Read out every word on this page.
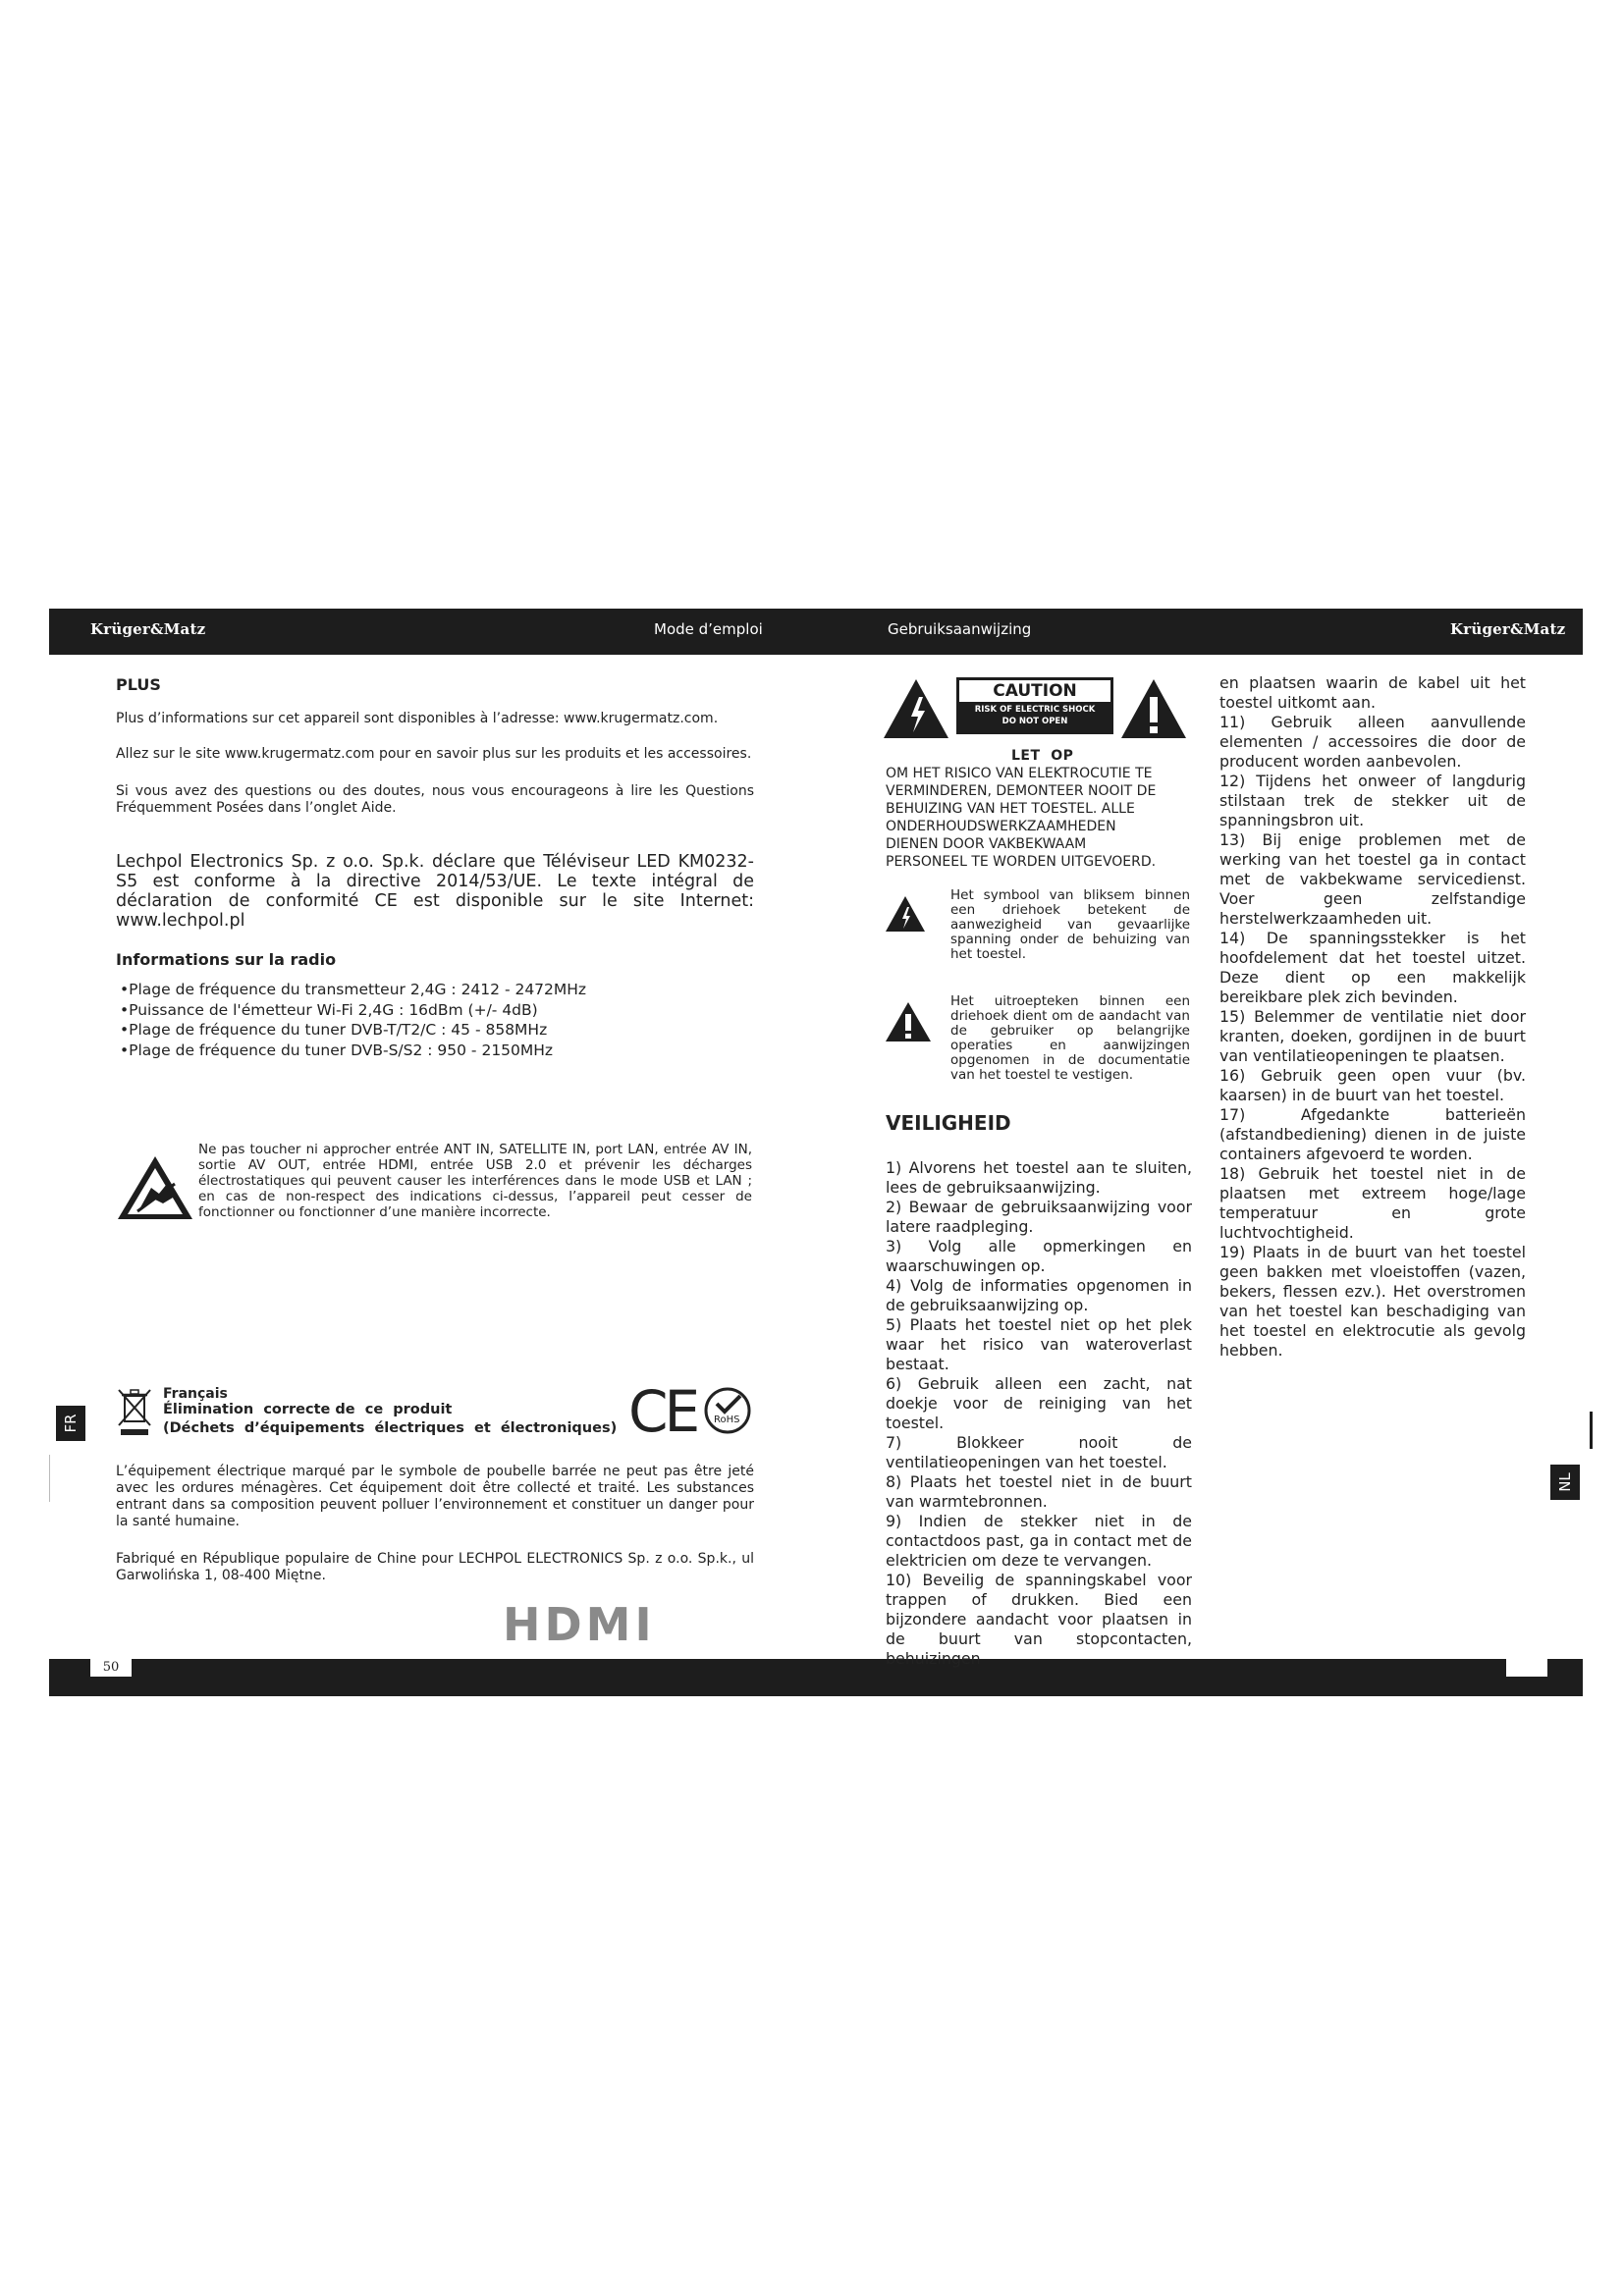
Krüger&Matz	Mode d’emploi	Gebruiksaanwijzing	Krüger&Matz
50
FR
NL
PLUS
Plus d’informations sur cet appareil sont disponibles à l’adresse: www.krugermatz.com.
Allez sur le site www.krugermatz.com pour en savoir plus sur les produits et les accessoires.
Si vous avez des questions ou des doutes, nous vous encourageons à lire les Questions Fréquemment Posées dans l’onglet Aide.
Lechpol Electronics Sp. z o.o. Sp.k. déclare que Téléviseur LED KM0232-S5 est conforme à la directive 2014/53/UE. Le texte intégral de déclaration de conformité CE est disponible sur le site Internet: www.lechpol.pl
Informations sur la radio
• Plage de fréquence du transmetteur 2,4G : 2412 - 2472MHz
• Puissance de l'émetteur Wi-Fi 2,4G : 16dBm (+/- 4dB)
• Plage de fréquence du tuner DVB-T/T2/C : 45 - 858MHz
• Plage de fréquence du tuner DVB-S/S2 : 950 - 2150MHz
Ne pas toucher ni approcher entrée ANT IN, SATELLITE IN, port LAN, entrée AV IN, sortie AV OUT, entrée HDMI, entrée USB 2.0 et prévenir les décharges électrostatiques qui peuvent causer les interférences dans le mode USB et LAN ; en cas de non-respect des indications ci-dessus, l’appareil peut cesser de fonctionner ou fonctionner d’une manière incorrecte.
Français
Élimination  correcte de  ce  produit
(Déchets  d’équipements  électriques  et  électroniques) CE RoHS
L’équipement électrique marqué par le symbole de poubelle barrée ne peut pas être jeté avec les ordures ménagères. Cet équipement doit être collecté et traité. Les substances entrant dans sa composition peuvent polluer l’environnement et constituer un danger pour la santé humaine.
Fabriqué en République populaire de Chine pour LECHPOL ELECTRONICS Sp. z o.o. Sp.k., ul Garwolińska 1, 08-400 Miętne.
HDMI
CAUTION
RISK OF ELECTRIC SHOCK
DO NOT OPEN
LET  OP
OM HET RISICO VAN ELEKTROCUTIE TE VERMINDEREN, DEMONTEER NOOIT DE BEHUIZING VAN HET TOESTEL. ALLE ONDERHOUDSWERKZAAMHEDEN DIENEN DOOR VAKBEKWAAM PERSONEEL TE WORDEN UITGEVOERD.
Het symbool van bliksem binnen een driehoek betekent de aanwezigheid van gevaarlijke spanning onder de behuizing van het toestel.
Het uitroepteken binnen een driehoek dient om de aandacht van de gebruiker op belangrijke operaties en aanwijzingen opgenomen in de documentatie van het toestel te vestigen.
VEILIGHEID
1) Alvorens het toestel aan te sluiten, lees de gebruiksaanwijzing.
2) Bewaar de gebruiksaanwijzing voor latere raadpleging.
3) Volg alle opmerkingen en waarschuwingen op.
4) Volg de informaties opgenomen in de gebruiksaanwijzing op.
5) Plaats het toestel niet op het plek waar het risico van wateroverlast bestaat.
6) Gebruik alleen een zacht, nat doekje voor de reiniging van het toestel.
7) Blokkeer nooit de ventilatieopeningen van het toestel.
8) Plaats het toestel niet in de buurt van warmtebronnen.
9) Indien de stekker niet in de contactdoos past, ga in contact met de elektricien om deze te vervangen.
10) Beveilig de spanningskabel voor trappen of drukken. Bied een bijzondere aandacht voor plaatsen in de buurt van stopcontacten, behuizingen
en plaatsen waarin de kabel uit het toestel uitkomt aan.
11) Gebruik alleen aanvullende elementen / accessoires die door de producent worden aanbevolen.
12) Tijdens het onweer of langdurig stilstaan trek de stekker uit de spanningsbron uit.
13) Bij enige problemen met de werking van het toestel ga in contact met de vakbekwame servicedienst. Voer geen zelfstandige herstelwerkzaamheden uit.
14) De spanningsstekker is het hoofdelement dat het toestel uitzet. Deze dient op een makkelijk bereikbare plek zich bevinden.
15) Belemmer de ventilatie niet door kranten, doeken, gordijnen in de buurt van ventilatieopeningen te plaatsen.
16) Gebruik geen open vuur (bv. kaarsen) in de buurt van het toestel.
17) Afgedankte batterieën (afstandbediening) dienen in de juiste containers afgevoerd te worden.
18) Gebruik het toestel niet in de plaatsen met extreem hoge/lage temperatuur en grote luchtvochtigheid.
19) Plaats in de buurt van het toestel geen bakken met vloeistoffen (vazen, bekers, flessen ezv.). Het overstromen van het toestel kan beschadiging van het toestel en elektrocutie als gevolg hebben.
